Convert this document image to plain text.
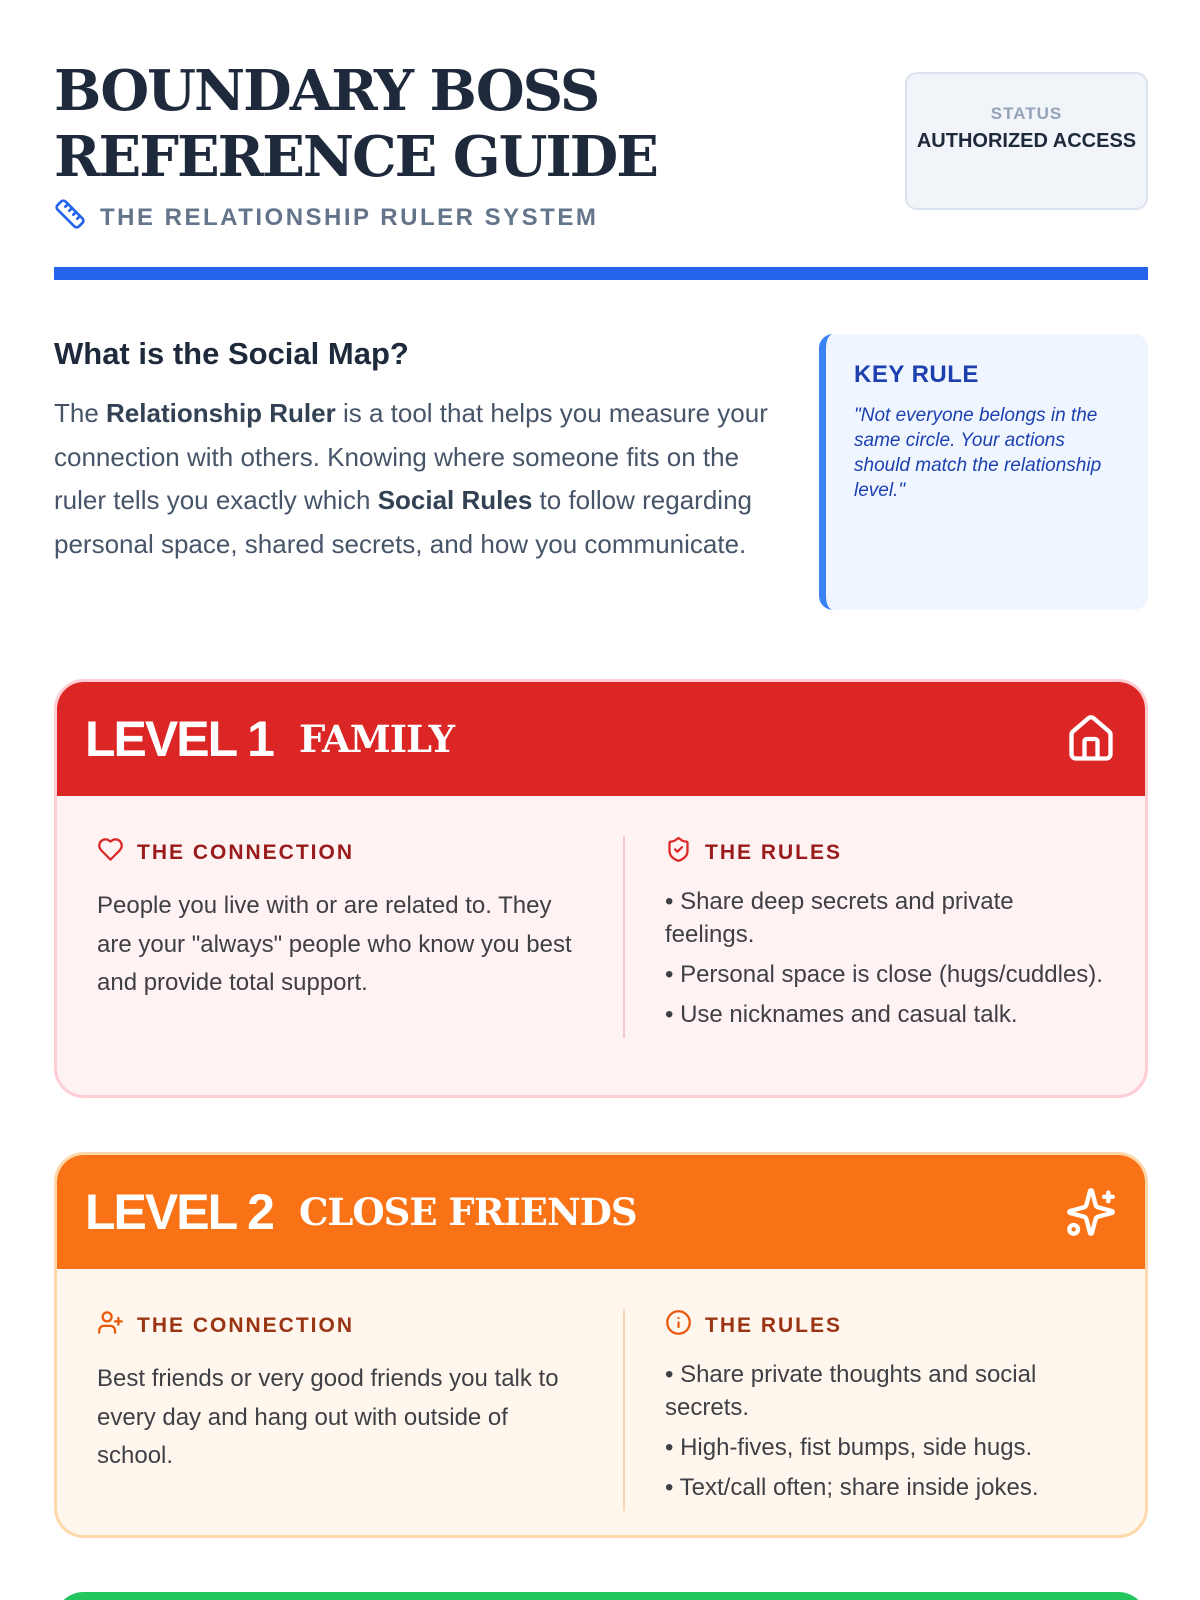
BOUNDARY BOSS REFERENCE GUIDE
THE RELATIONSHIP RULER SYSTEM
STATUS
AUTHORIZED ACCESS
What is the Social Map?

The Relationship Ruler is a tool that helps you measure your connection with others. Knowing where someone fits on the ruler tells you exactly which Social Rules to follow regarding personal space, shared secrets, and how you communicate.

KEY RULE
"Not everyone belongs in the same circle. Your actions should match the relationship level."
LEVEL 1 FAMILY
THE CONNECTION
People you live with or are related to. They are your "always" people who know you best and provide total support.
THE RULES
• Share deep secrets and private feelings.
• Personal space is close (hugs/cuddles).
• Use nicknames and casual talk.
LEVEL 2 CLOSE FRIENDS
THE CONNECTION
Best friends or very good friends you talk to every day and hang out with outside of school.
THE RULES
• Share private thoughts and social secrets.
• High-fives, fist bumps, side hugs.
• Text/call often; share inside jokes.
